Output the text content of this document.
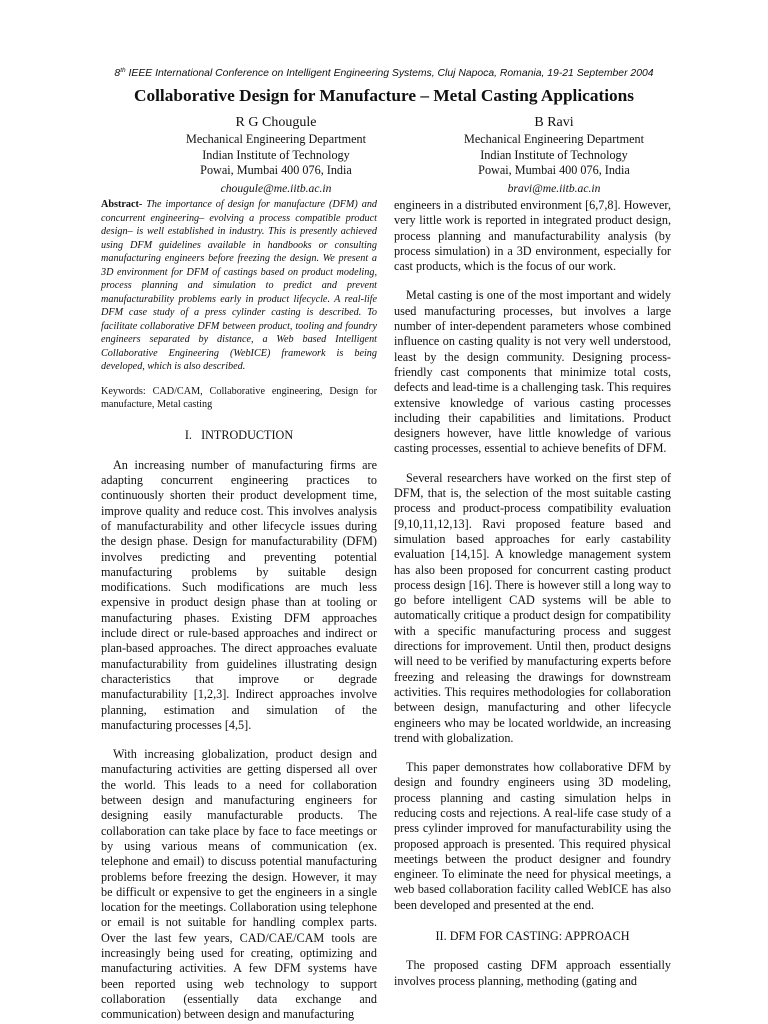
8th IEEE International Conference on Intelligent Engineering Systems, Cluj Napoca, Romania, 19-21 September 2004
Collaborative Design for Manufacture – Metal Casting Applications
R G Chougule
Mechanical Engineering Department
Indian Institute of Technology
Powai, Mumbai 400 076, India
chougule@me.iitb.ac.in
B Ravi
Mechanical Engineering Department
Indian Institute of Technology
Powai, Mumbai 400 076, India
bravi@me.iitb.ac.in

Abstract- The importance of design for manufacture (DFM) and concurrent engineering– evolving a process compatible product design– is well established in industry. This is presently achieved using DFM guidelines available in handbooks or consulting manufacturing engineers before freezing the design. We present a 3D environment for DFM of castings based on product modeling, process planning and simulation to predict and prevent manufacturability problems early in product lifecycle. A real-life DFM case study of a press cylinder casting is described. To facilitate collaborative DFM between product, tooling and foundry engineers separated by distance, a Web based Intelligent Collaborative Engineering (WebICE) framework is being developed, which is also described.

Keywords: CAD/CAM, Collaborative engineering, Design for manufacture, Metal casting

I.   INTRODUCTION

An increasing number of manufacturing firms are adapting concurrent engineering practices to continuously shorten their product development time, improve quality and reduce cost. This involves analysis of manufacturability and other lifecycle issues during the design phase. Design for manufacturability (DFM) involves predicting and preventing potential manufacturing problems by suitable design modifications. Such modifications are much less expensive in product design phase than at tooling or manufacturing phases. Existing DFM approaches include direct or rule-based approaches and indirect or plan-based approaches. The direct approaches evaluate manufacturability from guidelines illustrating design characteristics that improve or degrade manufacturability [1,2,3]. Indirect approaches involve planning, estimation and simulation of the manufacturing processes [4,5].

With increasing globalization, product design and manufacturing activities are getting dispersed all over the world. This leads to a need for collaboration between design and manufacturing engineers for designing easily manufacturable products. The collaboration can take place by face to face meetings or by using various means of communication (ex. telephone and email) to discuss potential manufacturing problems before freezing the design. However, it may be difficult or expensive to get the engineers in a single location for the meetings. Collaboration using telephone or email is not suitable for handling complex parts. Over the last few years, CAD/CAE/CAM tools are increasingly being used for creating, optimizing and manufacturing activities. A few DFM systems have been reported using web technology to support collaboration (essentially data exchange and communication) between design and manufacturing

engineers in a distributed environment [6,7,8]. However, very little work is reported in integrated product design, process planning and manufacturability analysis (by process simulation) in a 3D environment, especially for cast products, which is the focus of our work.

Metal casting is one of the most important and widely used manufacturing processes, but involves a large number of inter-dependent parameters whose combined influence on casting quality is not very well understood, least by the design community. Designing process-friendly cast components that minimize total costs, defects and lead-time is a challenging task. This requires extensive knowledge of various casting processes including their capabilities and limitations. Product designers however, have little knowledge of various casting processes, essential to achieve benefits of DFM.

Several researchers have worked on the first step of DFM, that is, the selection of the most suitable casting process and product-process compatibility evaluation [9,10,11,12,13]. Ravi proposed feature based and simulation based approaches for early castability evaluation [14,15]. A knowledge management system has also been proposed for concurrent casting product process design [16]. There is however still a long way to go before intelligent CAD systems will be able to automatically critique a product design for compatibility with a specific manufacturing process and suggest directions for improvement. Until then, product designs will need to be verified by manufacturing experts before freezing and releasing the drawings for downstream activities. This requires methodologies for collaboration between design, manufacturing and other lifecycle engineers who may be located worldwide, an increasing trend with globalization.

This paper demonstrates how collaborative DFM by design and foundry engineers using 3D modeling, process planning and casting simulation helps in reducing costs and rejections. A real-life case study of a press cylinder improved for manufacturability using the proposed approach is presented. This required physical meetings between the product designer and foundry engineer. To eliminate the need for physical meetings, a web based collaboration facility called WebICE has also been developed and presented at the end.

II. DFM FOR CASTING: APPROACH

The proposed casting DFM approach essentially involves process planning, methoding (gating and
